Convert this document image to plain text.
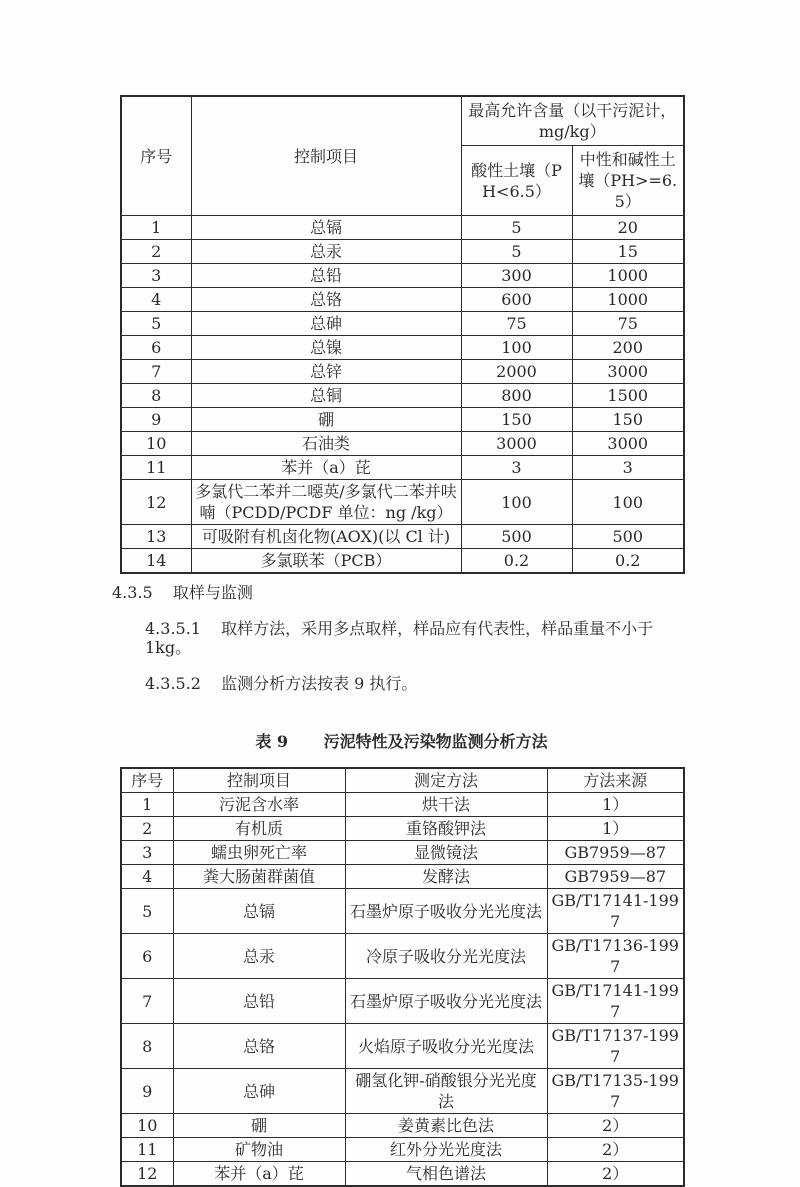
序号	控制项目	最高允许含量（以干污泥计，mg/kg）	
		酸性土壤（PH<6.5）	中性和碱性土壤（PH>=6.5）
1	总镉	5	20
2	总汞	5	15
3	总铅	300	1000
4	总铬	600	1000
5	总砷	75	75
6	总镍	100	200
7	总锌	2000	3000
8	总铜	800	1500
9	硼	150	150
10	石油类	3000	3000
11	苯并（a）芘	3	3
12	多氯代二苯并二噁英/多氯代二苯并呋喃（PCDD/PCDF 单位：ng /kg）	100	100
13	可吸附有机卤化物(AOX)(以 Cl 计)	500	500
14	多氯联苯（PCB）	0.2	0.2

4.3.5 取样与监测

4.3.5.1 取样方法，采用多点取样，样品应有代表性，样品重量不小于 1kg。

4.3.5.2 监测分析方法按表 9 执行。

表 9 污泥特性及污染物监测分析方法
序号	控制项目	测定方法	方法来源
1	污泥含水率	烘干法	1）
2	有机质	重铬酸钾法	1）
3	蠕虫卵死亡率	显微镜法	GB7959—87
4	粪大肠菌群菌值	发酵法	GB7959—87
5	总镉	石墨炉原子吸收分光光度法	GB/T17141-1997
6	总汞	冷原子吸收分光光度法	GB/T17136-1997
7	总铅	石墨炉原子吸收分光光度法	GB/T17141-1997
8	总铬	火焰原子吸收分光光度法	GB/T17137-1997
9	总砷	硼氢化钾-硝酸银分光光度法	GB/T17135-1997
10	硼	姜黄素比色法	2）
11	矿物油	红外分光光度法	2）
12	苯并（a）芘	气相色谱法	2）
